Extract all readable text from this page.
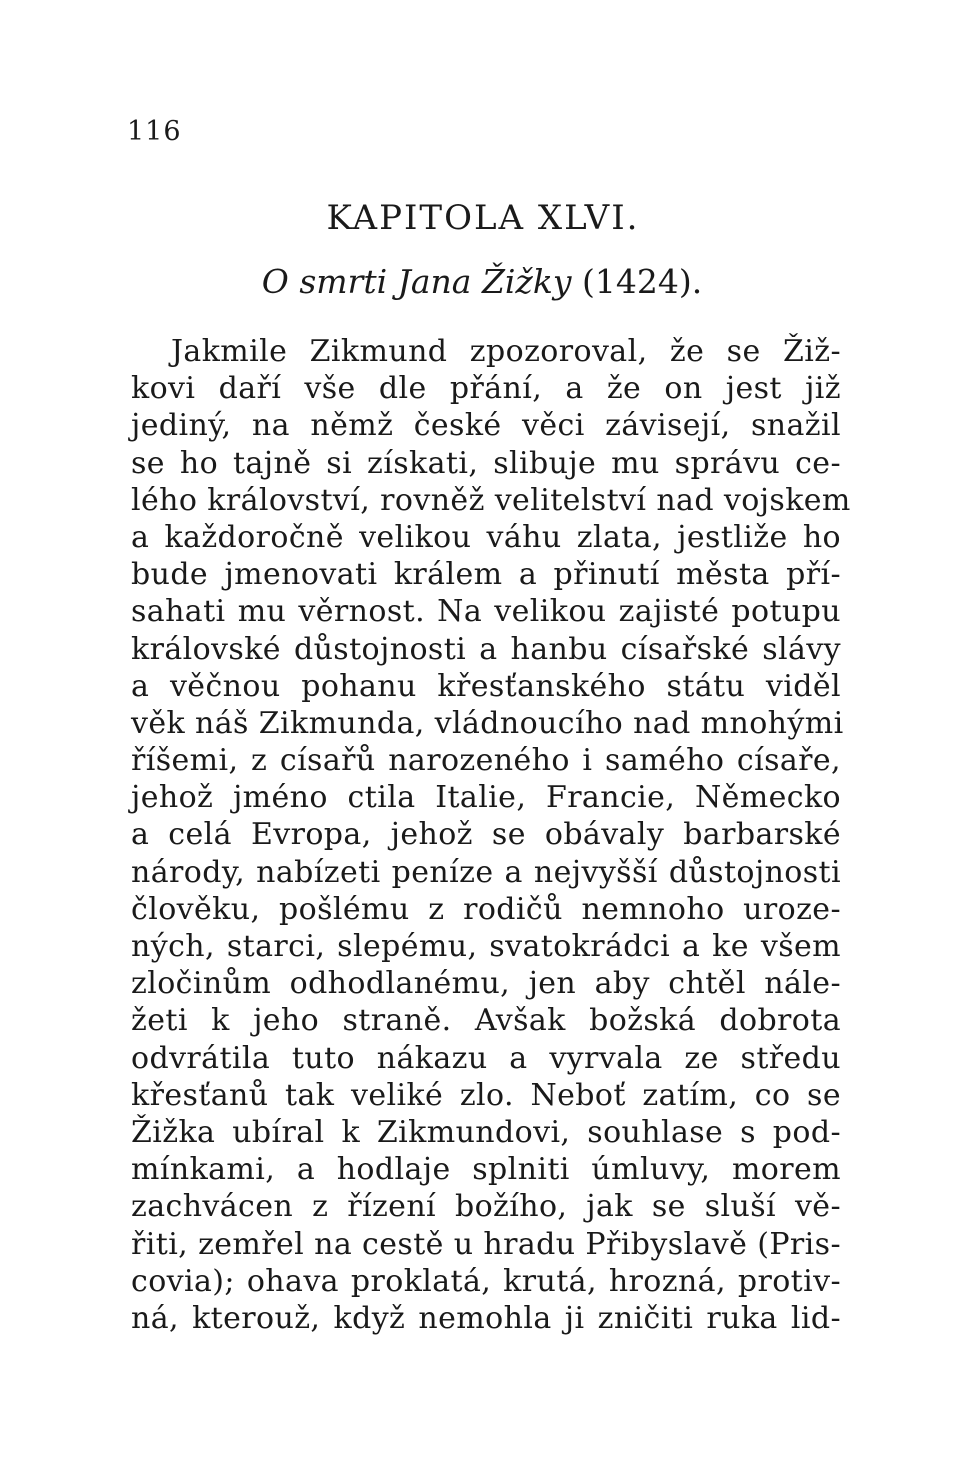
116
KAPITOLA XLVI.
O smrti Jana Žižky (1424).
Jakmile Zikmund zpozoroval, že se Žiž-
kovi daří vše dle přání, a že on jest již
jediný, na němž české věci závisejí, snažil
se ho tajně si získati, slibuje mu správu ce-
lého království, rovněž velitelství nad vojskem
a každoročně velikou váhu zlata, jestliže ho
bude jmenovati králem a přinutí města pří-
sahati mu věrnost. Na velikou zajisté potupu
královské důstojnosti a hanbu císařské slávy
a věčnou pohanu křesťanského státu viděl
věk náš Zikmunda, vládnoucího nad mnohými
říšemi, z císařů narozeného i samého císaře,
jehož jméno ctila Italie, Francie, Německo
a celá Evropa, jehož se obávaly barbarské
národy, nabízeti peníze a nejvyšší důstojnosti
člověku, pošlému z rodičů nemnoho uroze-
ných, starci, slepému, svatokrádci a ke všem
zločinům odhodlanému, jen aby chtěl nále-
žeti k jeho straně. Avšak božská dobrota
odvrátila tuto nákazu a vyrvala ze středu
křesťanů tak veliké zlo. Neboť zatím, co se
Žižka ubíral k Zikmundovi, souhlase s pod-
mínkami, a hodlaje splniti úmluvy, morem
zachvácen z řízení božího, jak se sluší vě-
řiti, zemřel na cestě u hradu Přibyslavě (Pris-
covia); ohava proklatá, krutá, hrozná, protiv-
ná, kterouž, když nemohla ji zničiti ruka lid-
